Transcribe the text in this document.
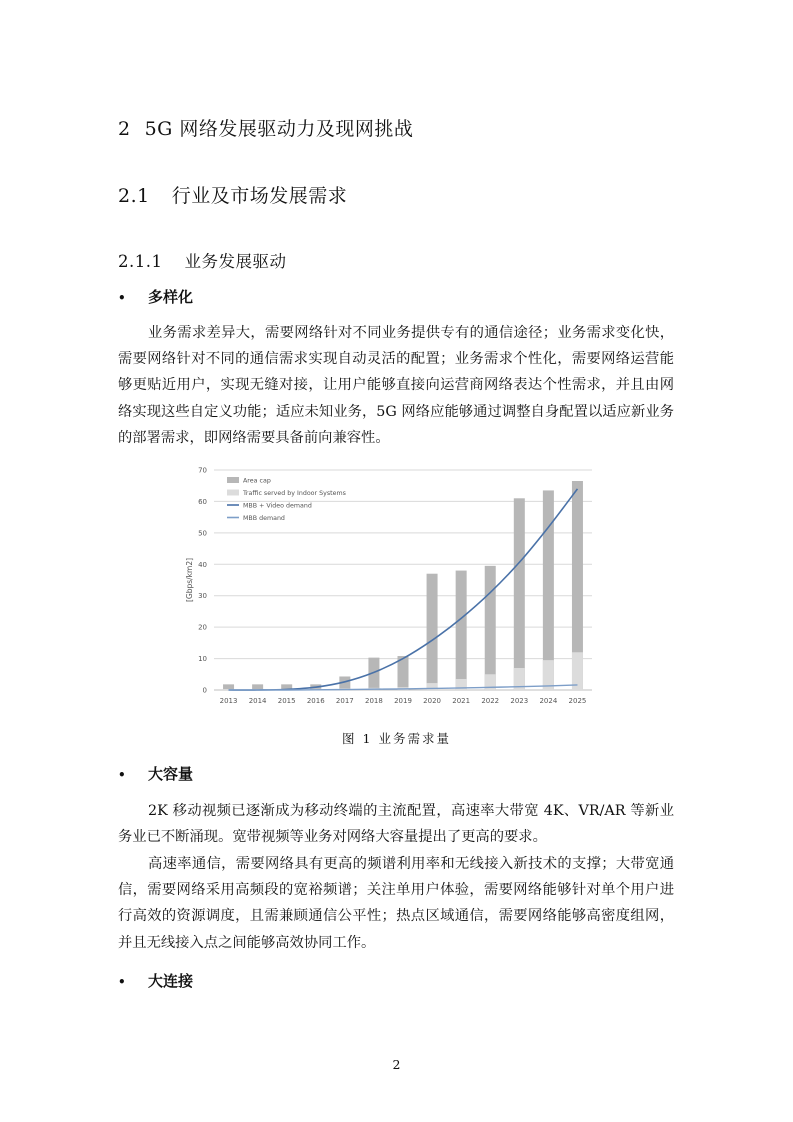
2 5G 网络发展驱动力及现网挑战
2.1 行业及市场发展需求
2.1.1 业务发展驱动
• 多样化
业务需求差异大，需要网络针对不同业务提供专有的通信途径；业务需求变化快，需要网络针对不同的通信需求实现自动灵活的配置；业务需求个性化，需要网络运营能够更贴近用户，实现无缝对接，让用户能够直接向运营商网络表达个性需求，并且由网络实现这些自定义功能；适应未知业务，5G 网络应能够通过调整自身配置以适应新业务的部署需求，即网络需要具备前向兼容性。
0
10
20
30
40
50
60
70
2013 2014 2015 2016 2017 2018 2019 2020 2021 2022 2023 2024 2025
[Gbps/km2]
Area cap
Traffic served by Indoor Systems
MBB + Video demand
MBB demand
图 1 业务需求量
• 大容量
2K 移动视频已逐渐成为移动终端的主流配置，高速率大带宽 4K、VR/AR 等新业务业已不断涌现。宽带视频等业务对网络大容量提出了更高的要求。
高速率通信，需要网络具有更高的频谱利用率和无线接入新技术的支撑；大带宽通信，需要网络采用高频段的宽裕频谱；关注单用户体验，需要网络能够针对单个用户进行高效的资源调度，且需兼顾通信公平性；热点区域通信，需要网络能够高密度组网，并且无线接入点之间能够高效协同工作。
• 大连接
2
